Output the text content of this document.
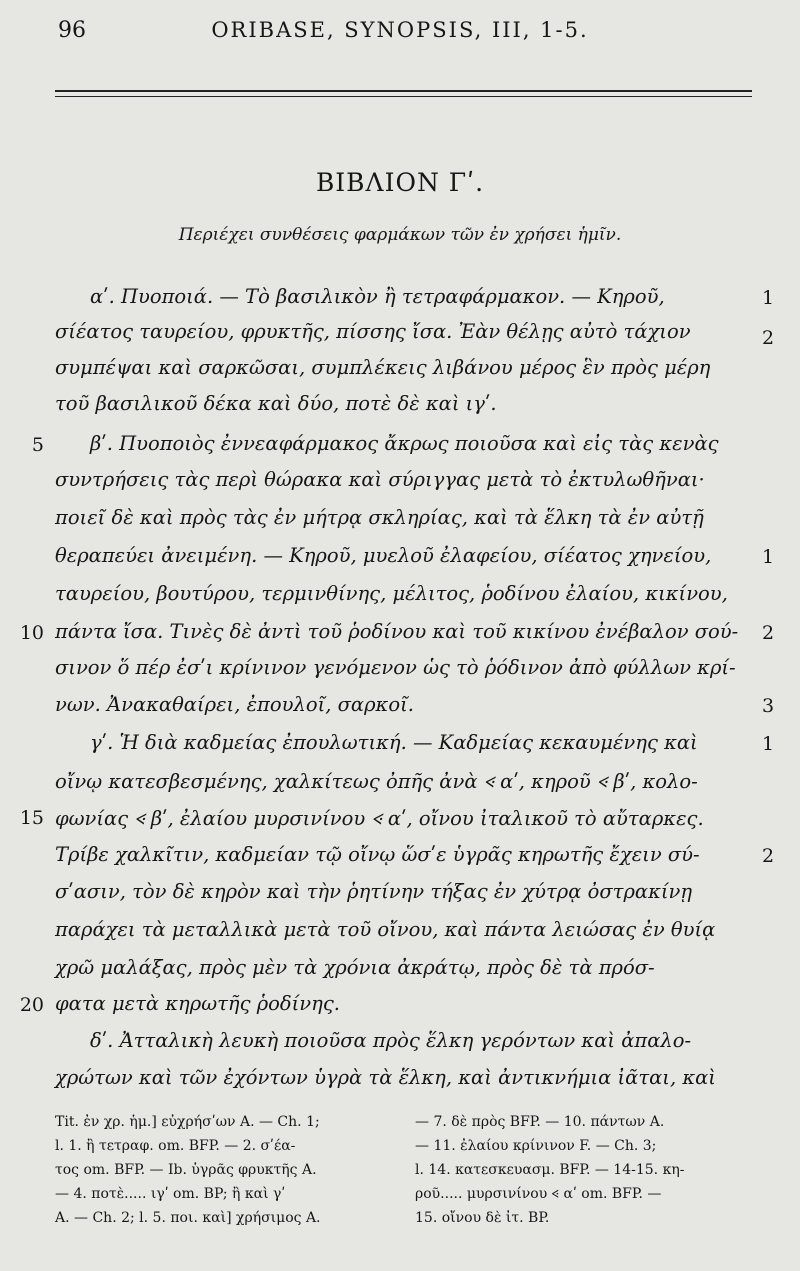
96	ORIBASE, SYNOPSIS, III, 1-5.
ΒΙΒΛΙΟΝ Γʹ.
Περιέχει συνθέσεις φαρμάκων τῶν ἐν χρήσει ἡμῖν.
αʹ. Πυοποιά. — Τὸ βασιλικὸν ἢ τετραφάρμακον. — Κηροῦ,
σίέατος ταυρείου, φρυκτῆς, πίσσης ἴσα. Ἐὰν θέλῃς αὐτὸ τάχιον
συμπέψαι καὶ σαρκῶσαι, συμπλέκεις λιβάνου μέρος ἓν πρὸς μέρη
τοῦ βασιλικοῦ δέκα καὶ δύο, ποτὲ δὲ καὶ ιγʹ.
βʹ. Πυοποιὸς ἐννεαφάρμακος ἄκρως ποιοῦσα καὶ εἰς τὰς κενὰς
συντρήσεις τὰς περὶ θώρακα καὶ σύριγγας μετὰ τὸ ἐκτυλωθῆναι·
ποιεῖ δὲ καὶ πρὸς τὰς ἐν μήτρᾳ σκληρίας, καὶ τὰ ἕλκη τὰ ἐν αὐτῇ
θεραπεύει ἀνειμένη. — Κηροῦ, μυελοῦ ἐλαφείου, σίέατος χηνείου,
ταυρείου, βουτύρου, τερμινθίνης, μέλιτος, ῥοδίνου ἐλαίου, κικίνου,
πάντα ἴσα. Τινὲς δὲ ἀντὶ τοῦ ῥοδίνου καὶ τοῦ κικίνου ἐνέβαλον σού-
σινον ὅ πέρ ἐσʹι κρίνινον γενόμενον ὡς τὸ ῥόδινον ἀπὸ φύλλων κρί-
νων. Ἀνακαθαίρει, ἐπουλοῖ, σαρκοῖ.
γʹ. Ἡ διὰ καδμείας ἐπουλωτική. — Καδμείας κεκαυμένης καὶ
οἴνῳ κατεσβεσμένης, χαλκίτεως ὀπῆς ἀνὰ 𐅻 αʹ, κηροῦ 𐅻 βʹ, κολο-
φωνίας 𐅻 βʹ, ἐλαίου μυρσινίνου 𐅻 αʹ, οἴνου ἰταλικοῦ τὸ αὔταρκες.
Τρίβε χαλκῖτιν, καδμείαν τῷ οἴνῳ ὥσʹε ὑγρᾶς κηρωτῆς ἔχειν σύ-
σʹασιν, τὸν δὲ κηρὸν καὶ τὴν ῥητίνην τήξας ἐν χύτρᾳ ὀστρακίνῃ
παράχει τὰ μεταλλικὰ μετὰ τοῦ οἴνου, καὶ πάντα λειώσας ἐν θυίᾳ
χρῶ μαλάξας, πρὸς μὲν τὰ χρόνια ἀκράτῳ, πρὸς δὲ τὰ πρόσ-
φατα μετὰ κηρωτῆς ῥοδίνης.
δʹ. Ἀτταλικὴ λευκὴ ποιοῦσα πρὸς ἕλκη γερόντων καὶ ἀπαλο-
χρώτων καὶ τῶν ἐχόντων ὑγρὰ τὰ ἕλκη, καὶ ἀντικνήμια ἰᾶται, καὶ
5
10
15
20
1
2
1
2
3
1
2
Tit. ἐν χρ. ἡμ.] εὐχρήσʹων A. — Ch. 1;
l. 1. ἢ τετραφ. om. BFP. — 2. σʹέα-
τος om. BFP. — Ib. ὑγρᾶς φρυκτῆς A.
— 4. ποτὲ..... ιγʹ om. BP; ἢ καὶ γʹ
A. — Ch. 2; l. 5. ποι. καὶ] χρήσιμος A.
— 7. δὲ πρὸς BFP. — 10. πάντων A.
— 11. ἐλαίου κρίνινον F. — Ch. 3;
l. 14. κατεσκευασμ. BFP. — 14-15. κη-
ροῦ..... μυρσινίνου 𐅻 αʹ om. BFP. —
15. οἴνου δὲ ἰτ. BP.
